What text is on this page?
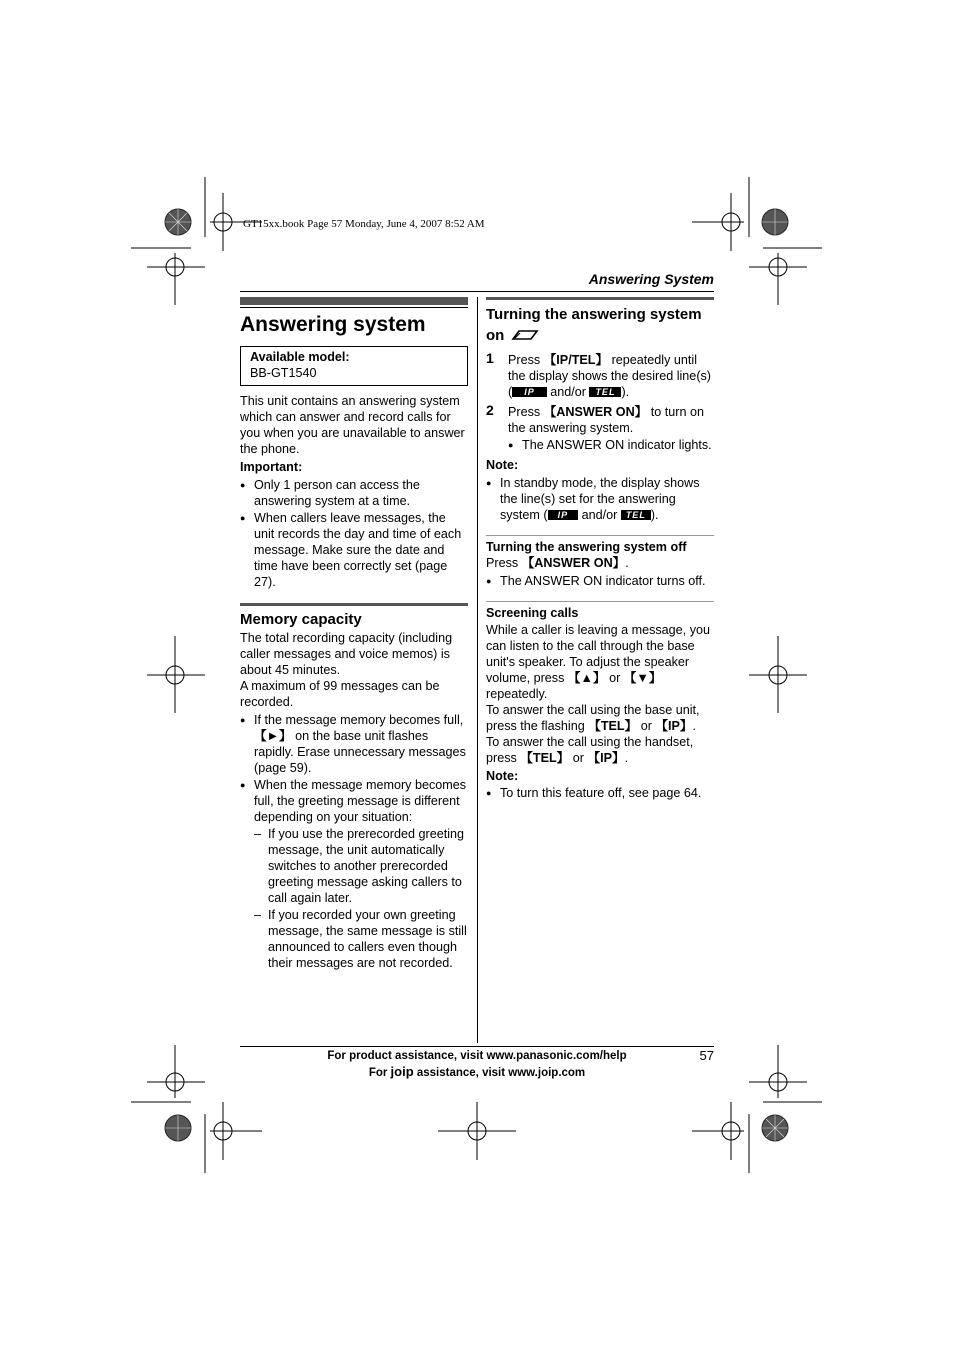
GT15xx.book Page 57 Monday, June 4, 2007 8:52 AM
Answering System
Answering system
Available model:
BB-GT1540
This unit contains an answering system which can answer and record calls for you when you are unavailable to answer the phone.
Important:
● Only 1 person can access the answering system at a time.
● When callers leave messages, the unit records the day and time of each message. Make sure the date and time have been correctly set (page 27).
Memory capacity
The total recording capacity (including caller messages and voice memos) is about 45 minutes.
A maximum of 99 messages can be recorded.
● If the message memory becomes full,
【►】 on the base unit flashes rapidly. Erase unnecessary messages (page 59).
● When the message memory becomes full, the greeting message is different depending on your situation:
– If you use the prerecorded greeting message, the unit automatically switches to another prerecorded greeting message asking callers to call again later.
– If you recorded your own greeting message, the same message is still announced to callers even though their messages are not recorded.
Turning the answering system on
1 Press 【IP/TEL】 repeatedly until the display shows the desired line(s)
( IP and/or TEL ).
2 Press 【ANSWER ON】 to turn on the answering system.
● The ANSWER ON indicator lights.
Note:
● In standby mode, the display shows the line(s) set for the answering system ( IP and/or TEL ).
Turning the answering system off
Press 【ANSWER ON】.
● The ANSWER ON indicator turns off.
Screening calls
While a caller is leaving a message, you can listen to the call through the base unit's speaker. To adjust the speaker volume, press 【▲】 or 【▼】 repeatedly.
To answer the call using the base unit, press the flashing 【TEL】 or 【IP】.
To answer the call using the handset, press 【TEL】 or 【IP】.
Note:
● To turn this feature off, see page 64.
For product assistance, visit www.panasonic.com/help
For joip assistance, visit www.joip.com
57
